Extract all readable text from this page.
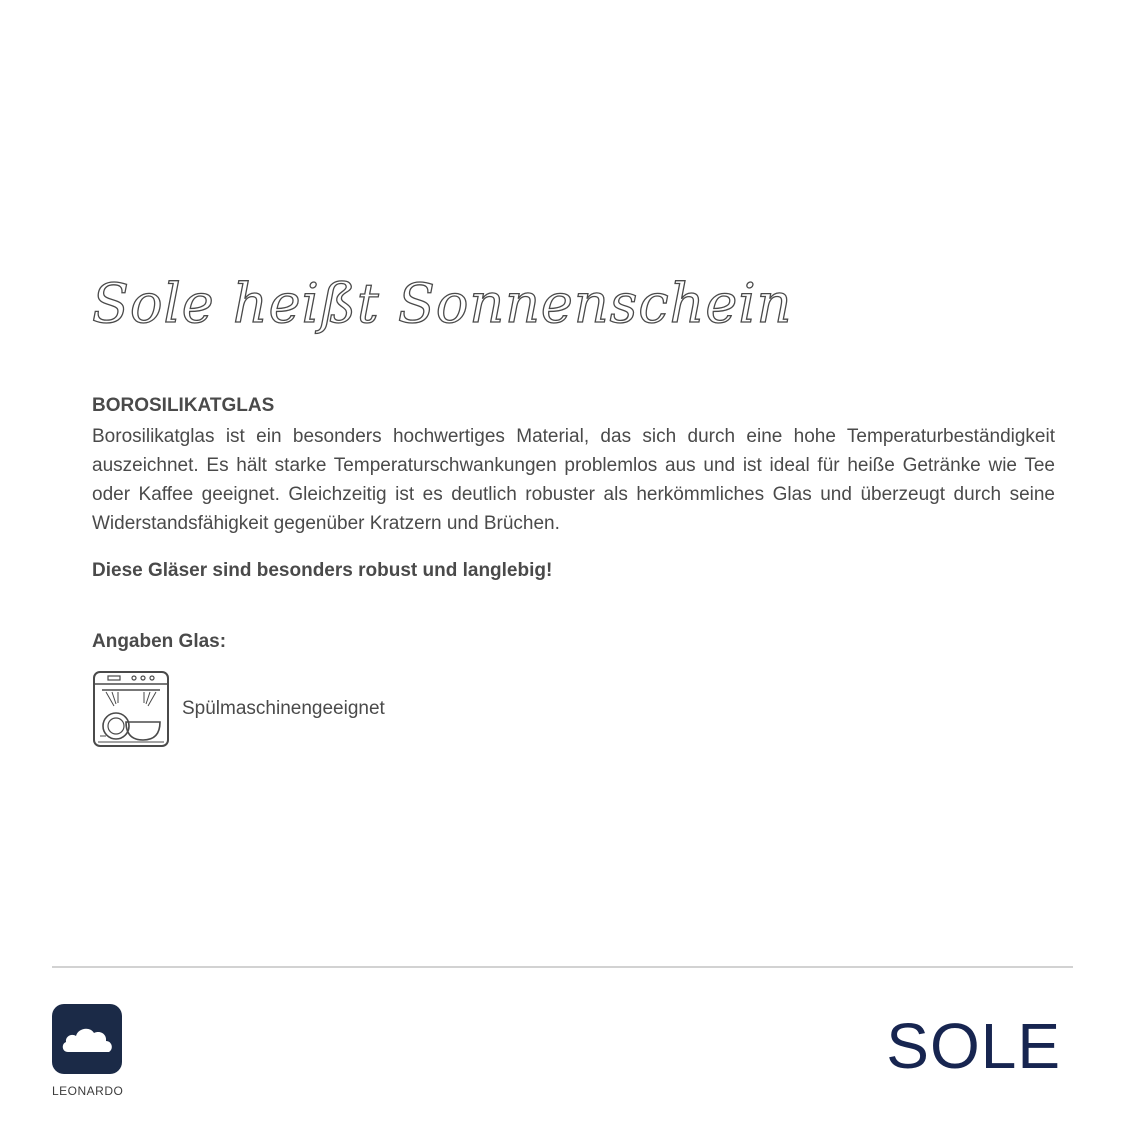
Sole heißt Sonnenschein
BOROSILIKATGLAS

Borosilikatglas ist ein besonders hochwertiges Material, das sich durch eine hohe Temperaturbeständigkeit auszeichnet. Es hält starke Temperaturschwankungen problemlos aus und ist ideal für heiße Getränke wie Tee oder Kaffee geeignet. Gleichzeitig ist es deutlich robuster als herkömmliches Glas und überzeugt durch seine Widerstandsfähigkeit gegenüber Kratzern und Brüchen.

Diese Gläser sind besonders robust und langlebig!

Angaben Glas:
Spülmaschinengeeignet
LEONARDO
SOLE
